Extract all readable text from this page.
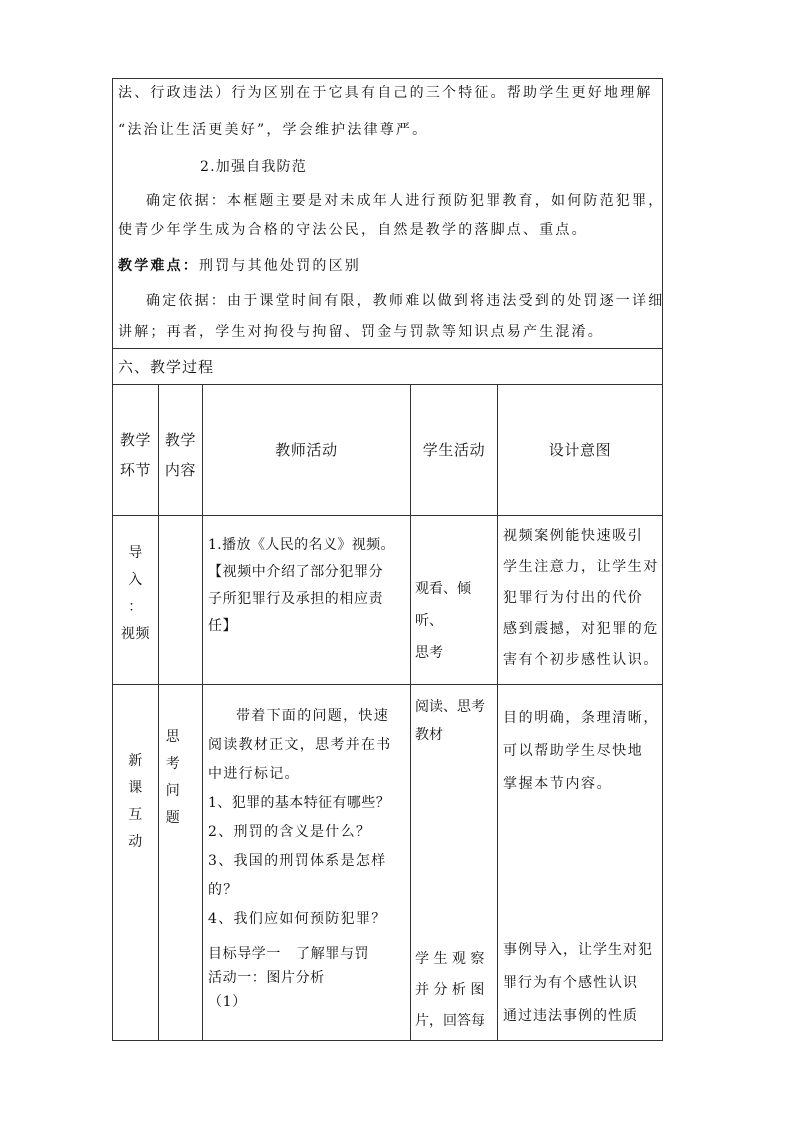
法、行政违法）行为区别在于它具有自己的三个特征。帮助学生更好地理解
“法治让生活更美好”，学会维护法律尊严。
2.加强自我防范
确定依据：本框题主要是对未成年人进行预防犯罪教育，如何防范犯罪，
使青少年学生成为合格的守法公民，自然是教学的落脚点、重点。
教学难点：刑罚与其他处罚的区别
确定依据：由于课堂时间有限，教师难以做到将违法受到的处罚逐一详细
讲解；再者，学生对拘役与拘留、罚金与罚款等知识点易产生混淆。
六、教学过程
教学
环节
教学
内容
教师活动	学生活动	设计意图
导
入
：
视频
1.播放《人民的名义》视频。
【视频中介绍了部分犯罪分
子所犯罪行及承担的相应责
任】
观看、倾听、
思考
视频案例能快速吸引
学生注意力，让学生对
犯罪行为付出的代价
感到震撼，对犯罪的危
害有个初步感性认识。
新
课
互
动
思
考
问
题
带着下面的问题，快速
阅读教材正文，思考并在书
中进行标记。
1、犯罪的基本特征有哪些？
2、刑罚的含义是什么？
3、我国的刑罚体系是怎样
的？
4、我们应如何预防犯罪？
目标导学一   了解罪与罚
活动一：图片分析
（1）
阅读、思考
教材
学 生 观 察
并 分 析 图
片，回答每
目的明确，条理清晰，
可以帮助学生尽快地
掌握本节内容。
事例导入，让学生对犯
罪行为有个感性认识
通过违法事例的性质
